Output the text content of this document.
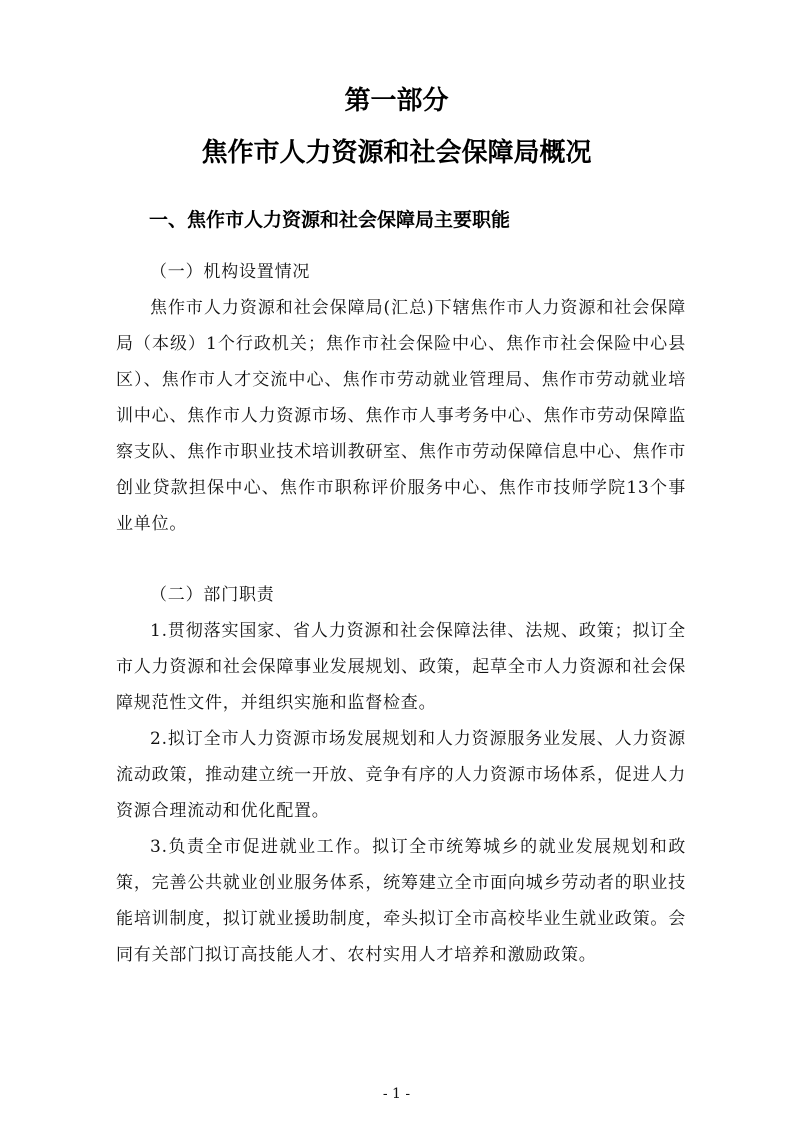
第一部分
焦作市人力资源和社会保障局概况
一、焦作市人力资源和社会保障局主要职能

（一）机构设置情况

焦作市人力资源和社会保障局(汇总)下辖焦作市人力资源和社会保障局（本级）1个行政机关；焦作市社会保险中心、焦作市社会保险中心县区）、焦作市人才交流中心、焦作市劳动就业管理局、焦作市劳动就业培训中心、焦作市人力资源市场、焦作市人事考务中心、焦作市劳动保障监察支队、焦作市职业技术培训教研室、焦作市劳动保障信息中心、焦作市创业贷款担保中心、焦作市职称评价服务中心、焦作市技师学院13个事业单位。

（二）部门职责

1.贯彻落实国家、省人力资源和社会保障法律、法规、政策；拟订全市人力资源和社会保障事业发展规划、政策，起草全市人力资源和社会保障规范性文件，并组织实施和监督检查。

2.拟订全市人力资源市场发展规划和人力资源服务业发展、人力资源流动政策，推动建立统一开放、竞争有序的人力资源市场体系，促进人力资源合理流动和优化配置。

3.负责全市促进就业工作。拟订全市统筹城乡的就业发展规划和政策，完善公共就业创业服务体系，统筹建立全市面向城乡劳动者的职业技能培训制度，拟订就业援助制度，牵头拟订全市高校毕业生就业政策。会同有关部门拟订高技能人才、农村实用人才培养和激励政策。

- 1 -
